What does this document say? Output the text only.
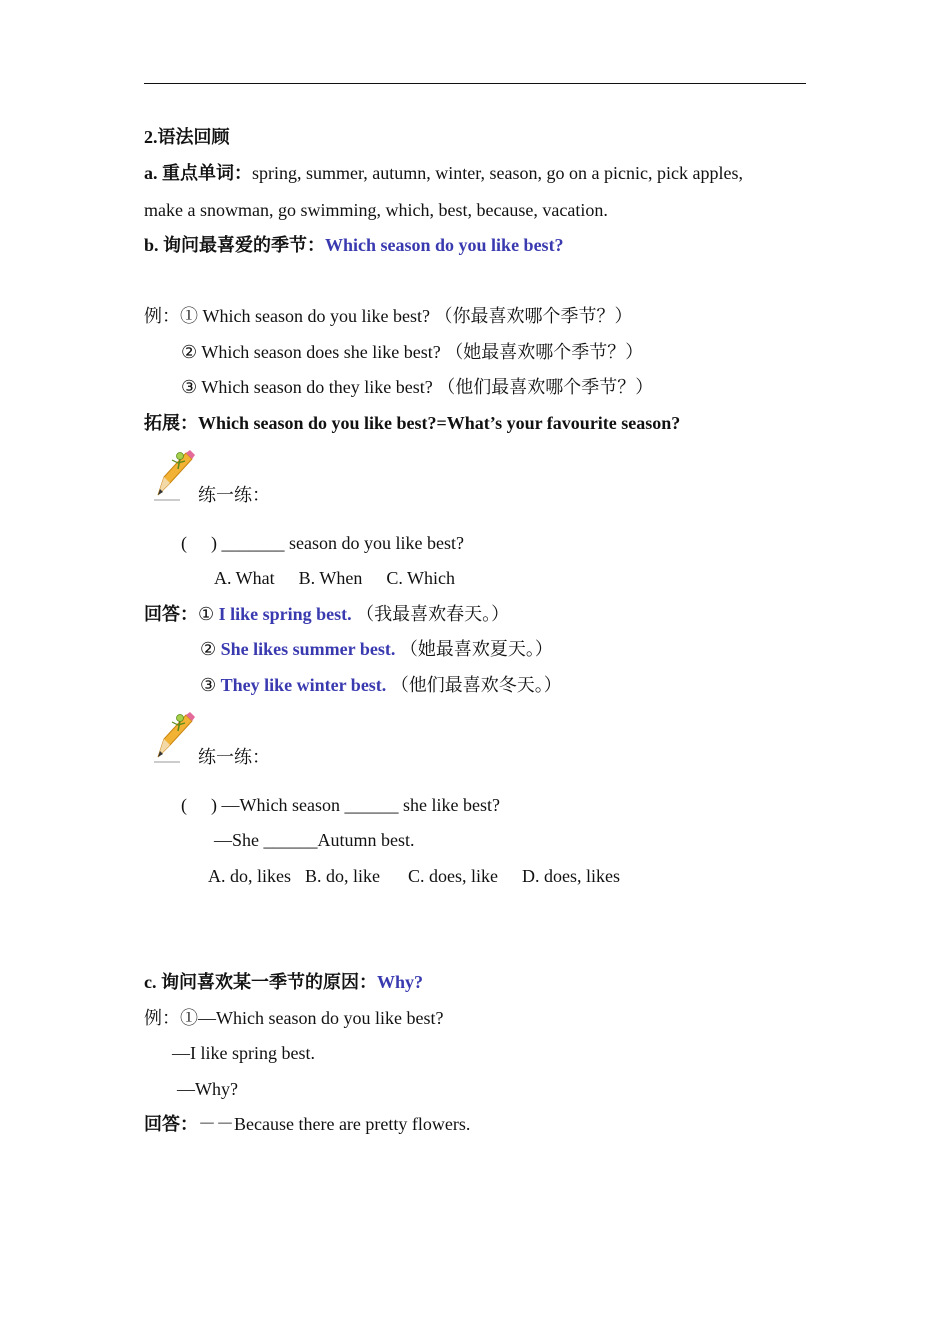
2.语法回顾
a. 重点单词：spring, summer, autumn, winter, season, go on a picnic, pick apples,
make a snowman, go swimming, which, best, because, vacation.
b. 询问最喜爱的季节：Which season do you like best?
例：① Which season do you like best? （你最喜欢哪个季节？）
② Which season does she like best? （她最喜欢哪个季节？）
③ Which season do they like best? （他们最喜欢哪个季节？）
拓展：Which season do you like best?=What’s your favourite season?
练一练：
( ) _______ season do you like best?
A. What B. When C. Which
回答：① I like spring best. （我最喜欢春天。）
② She likes summer best. （她最喜欢夏天。）
③ They like winter best. （他们最喜欢冬天。）
练一练：
( ) —Which season ______ she like best?
—She ______Autumn best.
A. do, likes B. do, like C. does, like D. does, likes
c. 询问喜欢某一季节的原因：Why?
例：①—Which season do you like best?
—I like spring best.
—Why?
回答：－－Because there are pretty flowers.
